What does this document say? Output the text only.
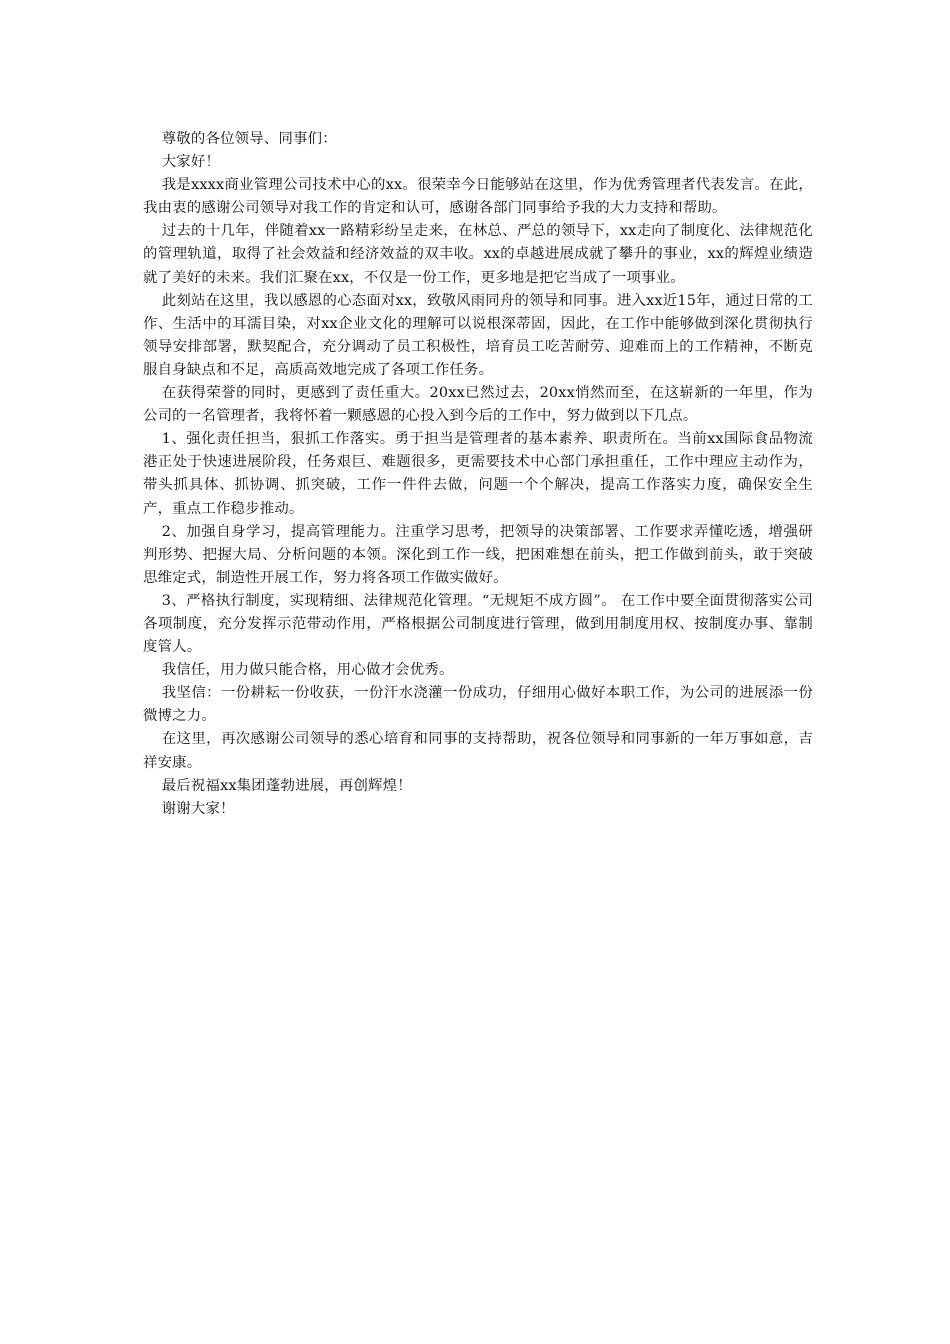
尊敬的各位领导、同事们：

大家好！

我是xxxx商业管理公司技术中心的xx。很荣幸今日能够站在这里，作为优秀管理者代表发言。在此，我由衷的感谢公司领导对我工作的肯定和认可，感谢各部门同事给予我的大力支持和帮助。

过去的十几年，伴随着xx一路精彩纷呈走来，在林总、严总的领导下，xx走向了制度化、法律规范化的管理轨道，取得了社会效益和经济效益的双丰收。xx的卓越进展成就了攀升的事业，xx的辉煌业绩造就了美好的未来。我们汇聚在xx，不仅是一份工作，更多地是把它当成了一项事业。

此刻站在这里，我以感恩的心态面对xx，致敬风雨同舟的领导和同事。进入xx近15年，通过日常的工作、生活中的耳濡目染，对xx企业文化的理解可以说根深蒂固，因此，在工作中能够做到深化贯彻执行领导安排部署，默契配合，充分调动了员工积极性，培育员工吃苦耐劳、迎难而上的工作精神，不断克服自身缺点和不足，高质高效地完成了各项工作任务。

在获得荣誉的同时，更感到了责任重大。20xx已然过去，20xx悄然而至，在这崭新的一年里，作为公司的一名管理者，我将怀着一颗感恩的心投入到今后的工作中，努力做到以下几点。

1、强化责任担当，狠抓工作落实。勇于担当是管理者的基本素养、职责所在。当前xx国际食品物流港正处于快速进展阶段，任务艰巨、难题很多，更需要技术中心部门承担重任，工作中理应主动作为，带头抓具体、抓协调、抓突破，工作一件件去做，问题一个个解决，提高工作落实力度，确保安全生产，重点工作稳步推动。

2、加强自身学习，提高管理能力。注重学习思考，把领导的决策部署、工作要求弄懂吃透，增强研判形势、把握大局、分析问题的本领。深化到工作一线，把困难想在前头，把工作做到前头，敢于突破思维定式，制造性开展工作，努力将各项工作做实做好。

3、严格执行制度，实现精细、法律规范化管理。“无规矩不成方圆”。 在工作中要全面贯彻落实公司各项制度，充分发挥示范带动作用，严格根据公司制度进行管理，做到用制度用权、按制度办事、靠制度管人。

我信任，用力做只能合格，用心做才会优秀。

我坚信：一份耕耘一份收获，一份汗水浇灌一份成功，仔细用心做好本职工作，为公司的进展添一份微博之力。

在这里，再次感谢公司领导的悉心培育和同事的支持帮助，祝各位领导和同事新的一年万事如意，吉祥安康。

最后祝福xx集团蓬勃进展，再创辉煌！

谢谢大家！
